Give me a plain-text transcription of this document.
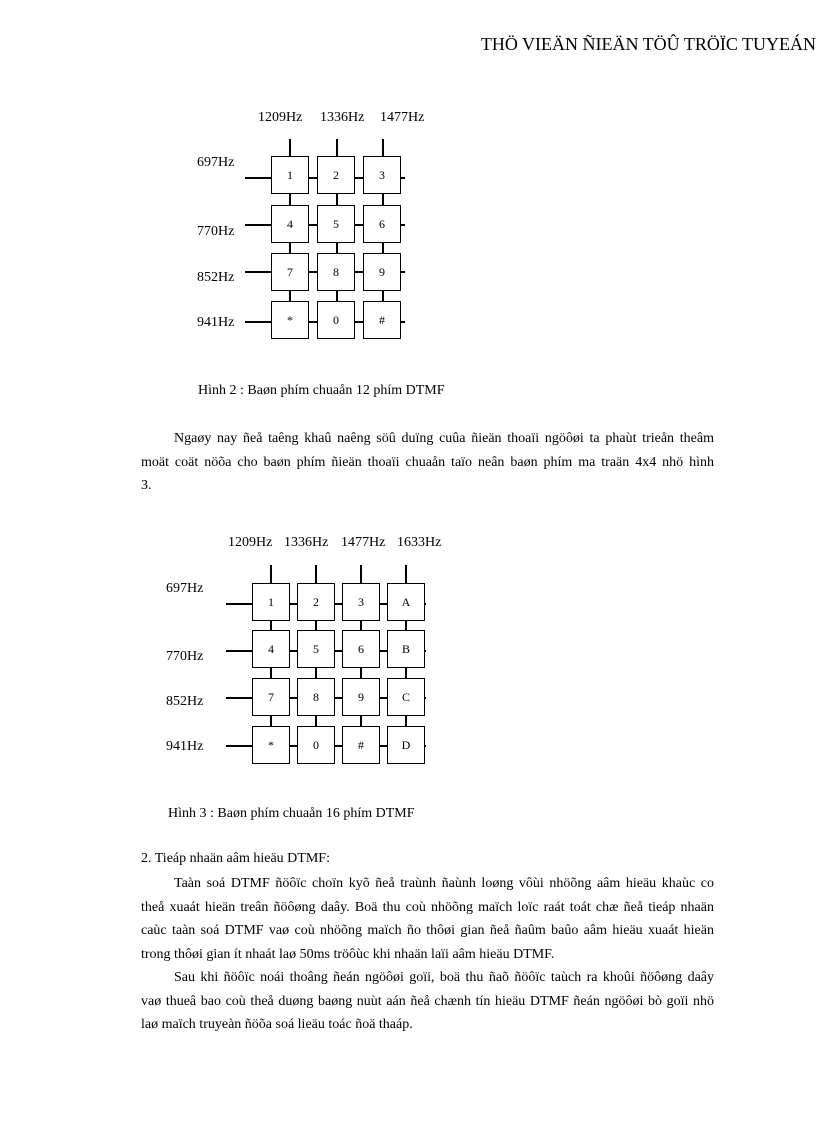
THÖ VIEÄN ÑIEÄN TÖÛ TRÖÏC TUYEÁN
1209Hz 1336Hz 1477Hz
697Hz
770Hz
852Hz
941Hz
1	2	3
4	5	6
7	8	9
*	0	#
Hình 2 : Baøn phím chuaån 12 phím DTMF

Ngaøy nay ñeå taêng khaû naêng söû duïng cuûa ñieän thoaïi ngöôøi ta phaùt trieån theâm

moät coät nöõa cho baøn phím ñieän thoaïi chuaån taïo neân baøn phím ma traän 4x4 nhö hình

3.

1209Hz 1336Hz 1477Hz 1633Hz
697Hz
770Hz
852Hz
941Hz
1	2	3	A
4	5	6	B
7	8	9	C
*	0	#	D
Hình 3 : Baøn phím chuaån 16 phím DTMF
2. Tieáp nhaän aâm hieäu DTMF:

Taàn soá DTMF ñöôïc choïn kyõ ñeå traùnh ñaùnh loøng vôùi nhöõng aâm hieäu khaùc co

theå xuaát hieän treân ñöôøng daây. Boä thu coù nhöõng maïch loïc raát toát chæ ñeå tieáp nhaän

caùc taàn soá DTMF vaø coù nhöõng maïch ño thôøi gian ñeå ñaûm baûo aâm hieäu xuaát hieän

trong thôøi gian ít nhaát laø 50ms tröôùc khi nhaän laïi aâm hieäu DTMF.

Sau khi ñöôïc noái thoâng ñeán ngöôøi goïi, boä thu ñaõ ñöôïc taùch ra khoûi ñöôøng daây

vaø thueâ bao coù theå duøng baøng nuùt aán ñeå chænh tín hieäu DTMF ñeán ngöôøi bò goïi nhö

laø maïch truyeàn ñöõa soá lieäu toác ñoä thaáp.
